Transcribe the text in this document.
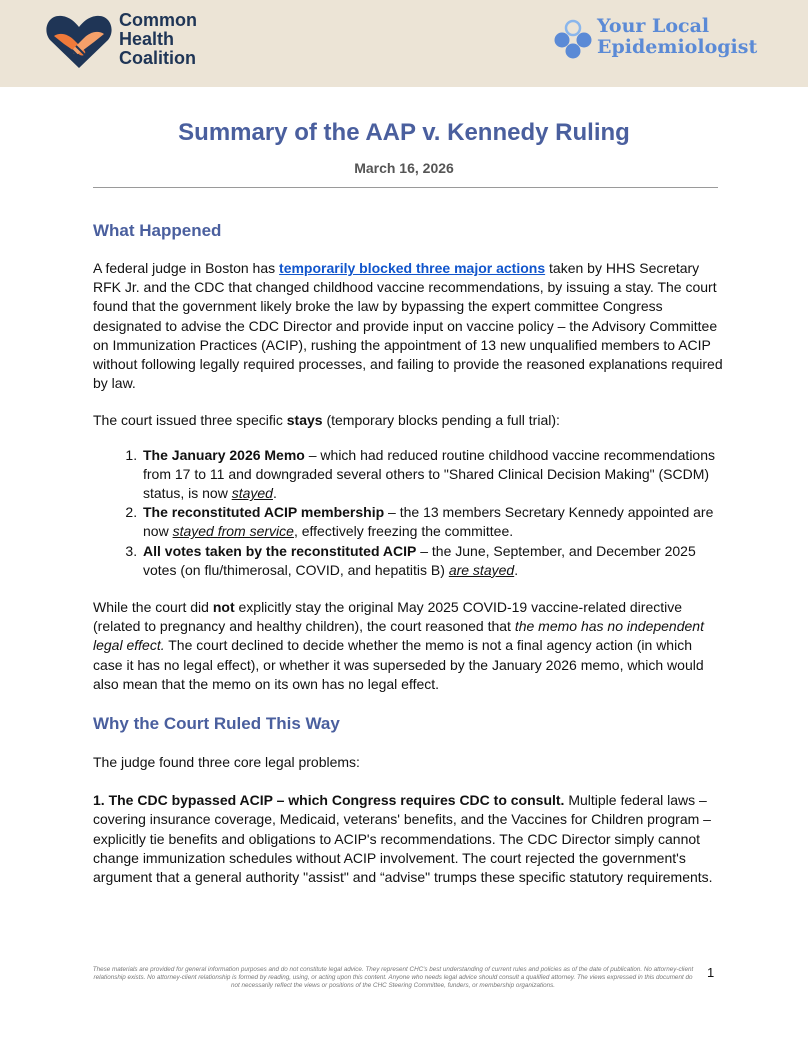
Common
Health
Coalition
Your Local
Epidemiologist
Summary of the AAP v. Kennedy Ruling
March 16, 2026
What Happened

A federal judge in Boston has temporarily blocked three major actions taken by HHS Secretary RFK Jr. and the CDC that changed childhood vaccine recommendations, by issuing a stay. The court found that the government likely broke the law by bypassing the expert committee Congress designated to advise the CDC Director and provide input on vaccine policy – the Advisory Committee on Immunization Practices (ACIP), rushing the appointment of 13 new unqualified members to ACIP without following legally required processes, and failing to provide the reasoned explanations required by law.

The court issued three specific stays (temporary blocks pending a full trial):

1. The January 2026 Memo – which had reduced routine childhood vaccine recommendations from 17 to 11 and downgraded several others to "Shared Clinical Decision Making" (SCDM) status, is now stayed.
2. The reconstituted ACIP membership – the 13 members Secretary Kennedy appointed are now stayed from service, effectively freezing the committee.
3. All votes taken by the reconstituted ACIP – the June, September, and December 2025 votes (on flu/thimerosal, COVID, and hepatitis B) are stayed.

While the court did not explicitly stay the original May 2025 COVID-19 vaccine-related directive (related to pregnancy and healthy children), the court reasoned that the memo has no independent legal effect. The court declined to decide whether the memo is not a final agency action (in which case it has no legal effect), or whether it was superseded by the January 2026 memo, which would also mean that the memo on its own has no legal effect.

Why the Court Ruled This Way

The judge found three core legal problems:

1. The CDC bypassed ACIP – which Congress requires CDC to consult. Multiple federal laws – covering insurance coverage, Medicaid, veterans' benefits, and the Vaccines for Children program – explicitly tie benefits and obligations to ACIP's recommendations. The CDC Director simply cannot change immunization schedules without ACIP involvement. The court rejected the government's argument that a general authority "assist" and “advise" trumps these specific statutory requirements.

These materials are provided for general information purposes and do not constitute legal advice. They represent CHC's best understanding of current rules and policies as of the date of publication. No attorney-client relationship exists. No attorney-client relationship is formed by reading, using, or acting upon this content. Anyone who needs legal advice should consult a qualified attorney. The views expressed in this document do not necessarily reflect the views or positions of the CHC Steering Committee, funders, or membership organizations.
1
